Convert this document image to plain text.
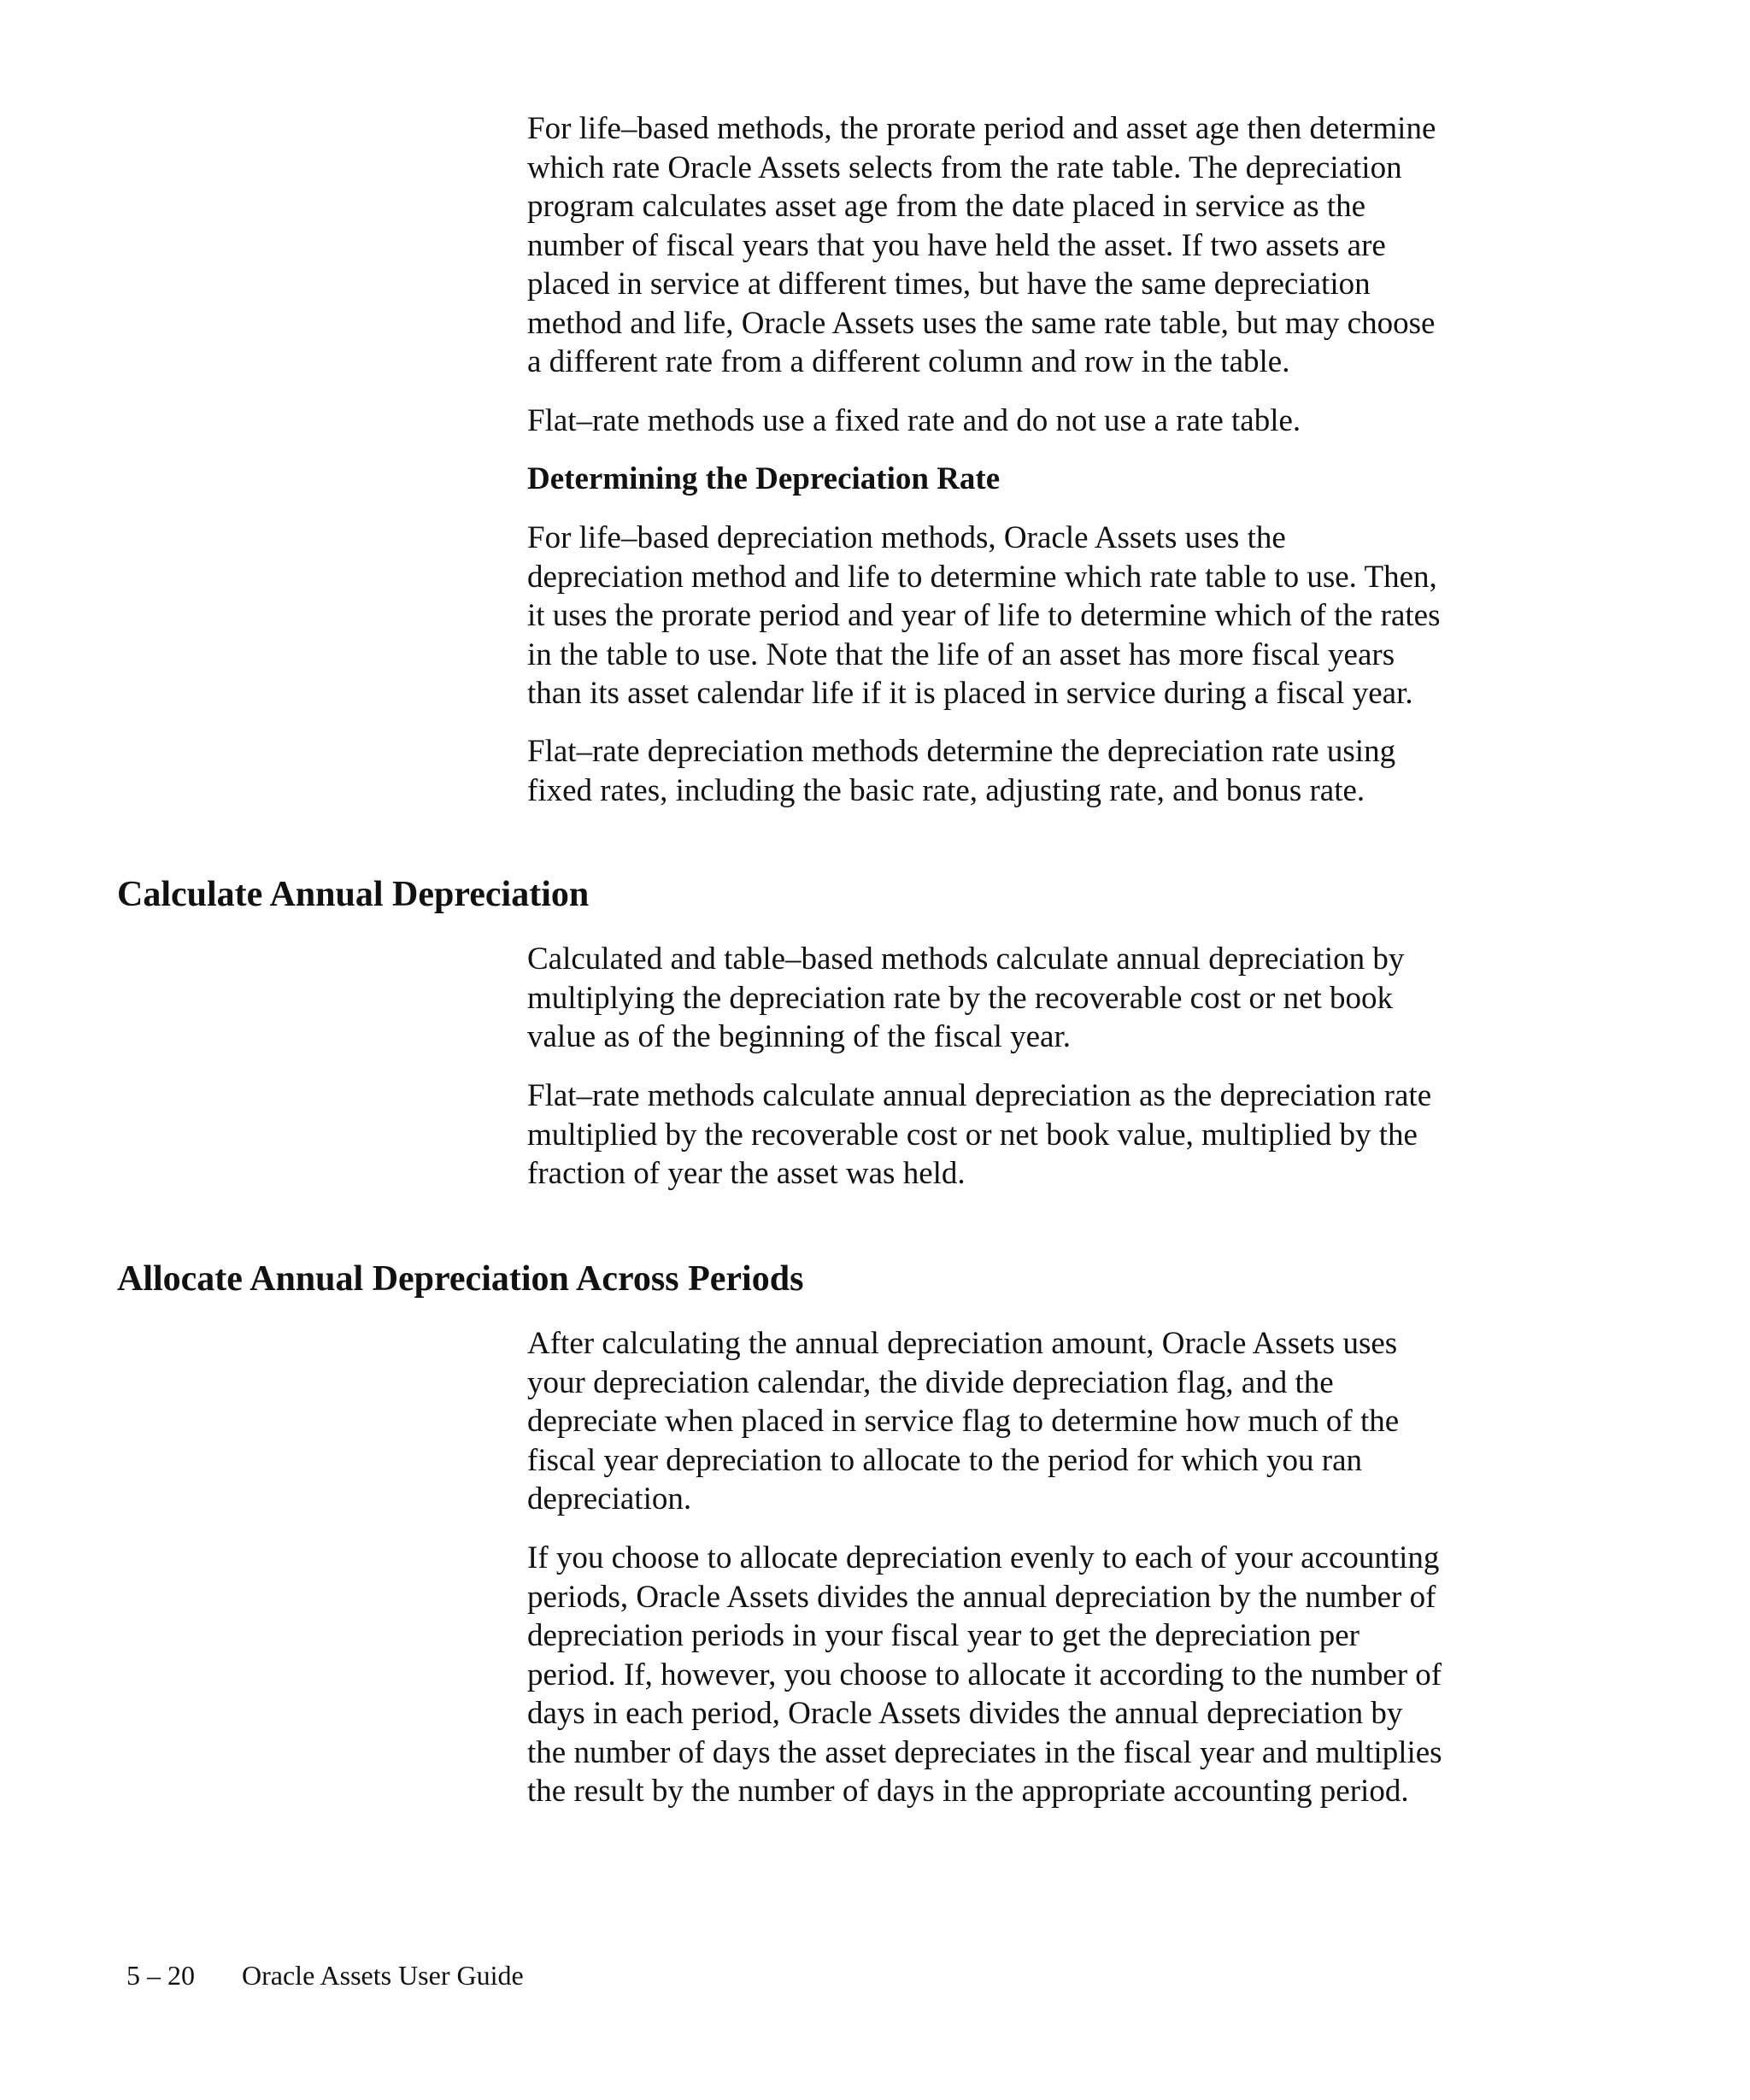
For life–based methods, the prorate period and asset age then determine
which rate Oracle Assets selects from the rate table. The depreciation
program calculates asset age from the date placed in service as the
number of fiscal years that you have held the asset. If two assets are
placed in service at different times, but have the same depreciation
method and life, Oracle Assets uses the same rate table, but may choose
a different rate from a different column and row in the table.

Flat–rate methods use a fixed rate and do not use a rate table.

Determining the Depreciation Rate

For life–based depreciation methods, Oracle Assets uses the
depreciation method and life to determine which rate table to use. Then,
it uses the prorate period and year of life to determine which of the rates
in the table to use. Note that the life of an asset has more fiscal years
than its asset calendar life if it is placed in service during a fiscal year.

Flat–rate depreciation methods determine the depreciation rate using
fixed rates, including the basic rate, adjusting rate, and bonus rate.

Calculate Annual Depreciation

Calculated and table–based methods calculate annual depreciation by
multiplying the depreciation rate by the recoverable cost or net book
value as of the beginning of the fiscal year.

Flat–rate methods calculate annual depreciation as the depreciation rate
multiplied by the recoverable cost or net book value, multiplied by the
fraction of year the asset was held.

Allocate Annual Depreciation Across Periods

After calculating the annual depreciation amount, Oracle Assets uses
your depreciation calendar, the divide depreciation flag, and the
depreciate when placed in service flag to determine how much of the
fiscal year depreciation to allocate to the period for which you ran
depreciation.

If you choose to allocate depreciation evenly to each of your accounting
periods, Oracle Assets divides the annual depreciation by the number of
depreciation periods in your fiscal year to get the depreciation per
period. If, however, you choose to allocate it according to the number of
days in each period, Oracle Assets divides the annual depreciation by
the number of days the asset depreciates in the fiscal year and multiplies
the result by the number of days in the appropriate accounting period.

5 – 20 Oracle Assets User Guide
